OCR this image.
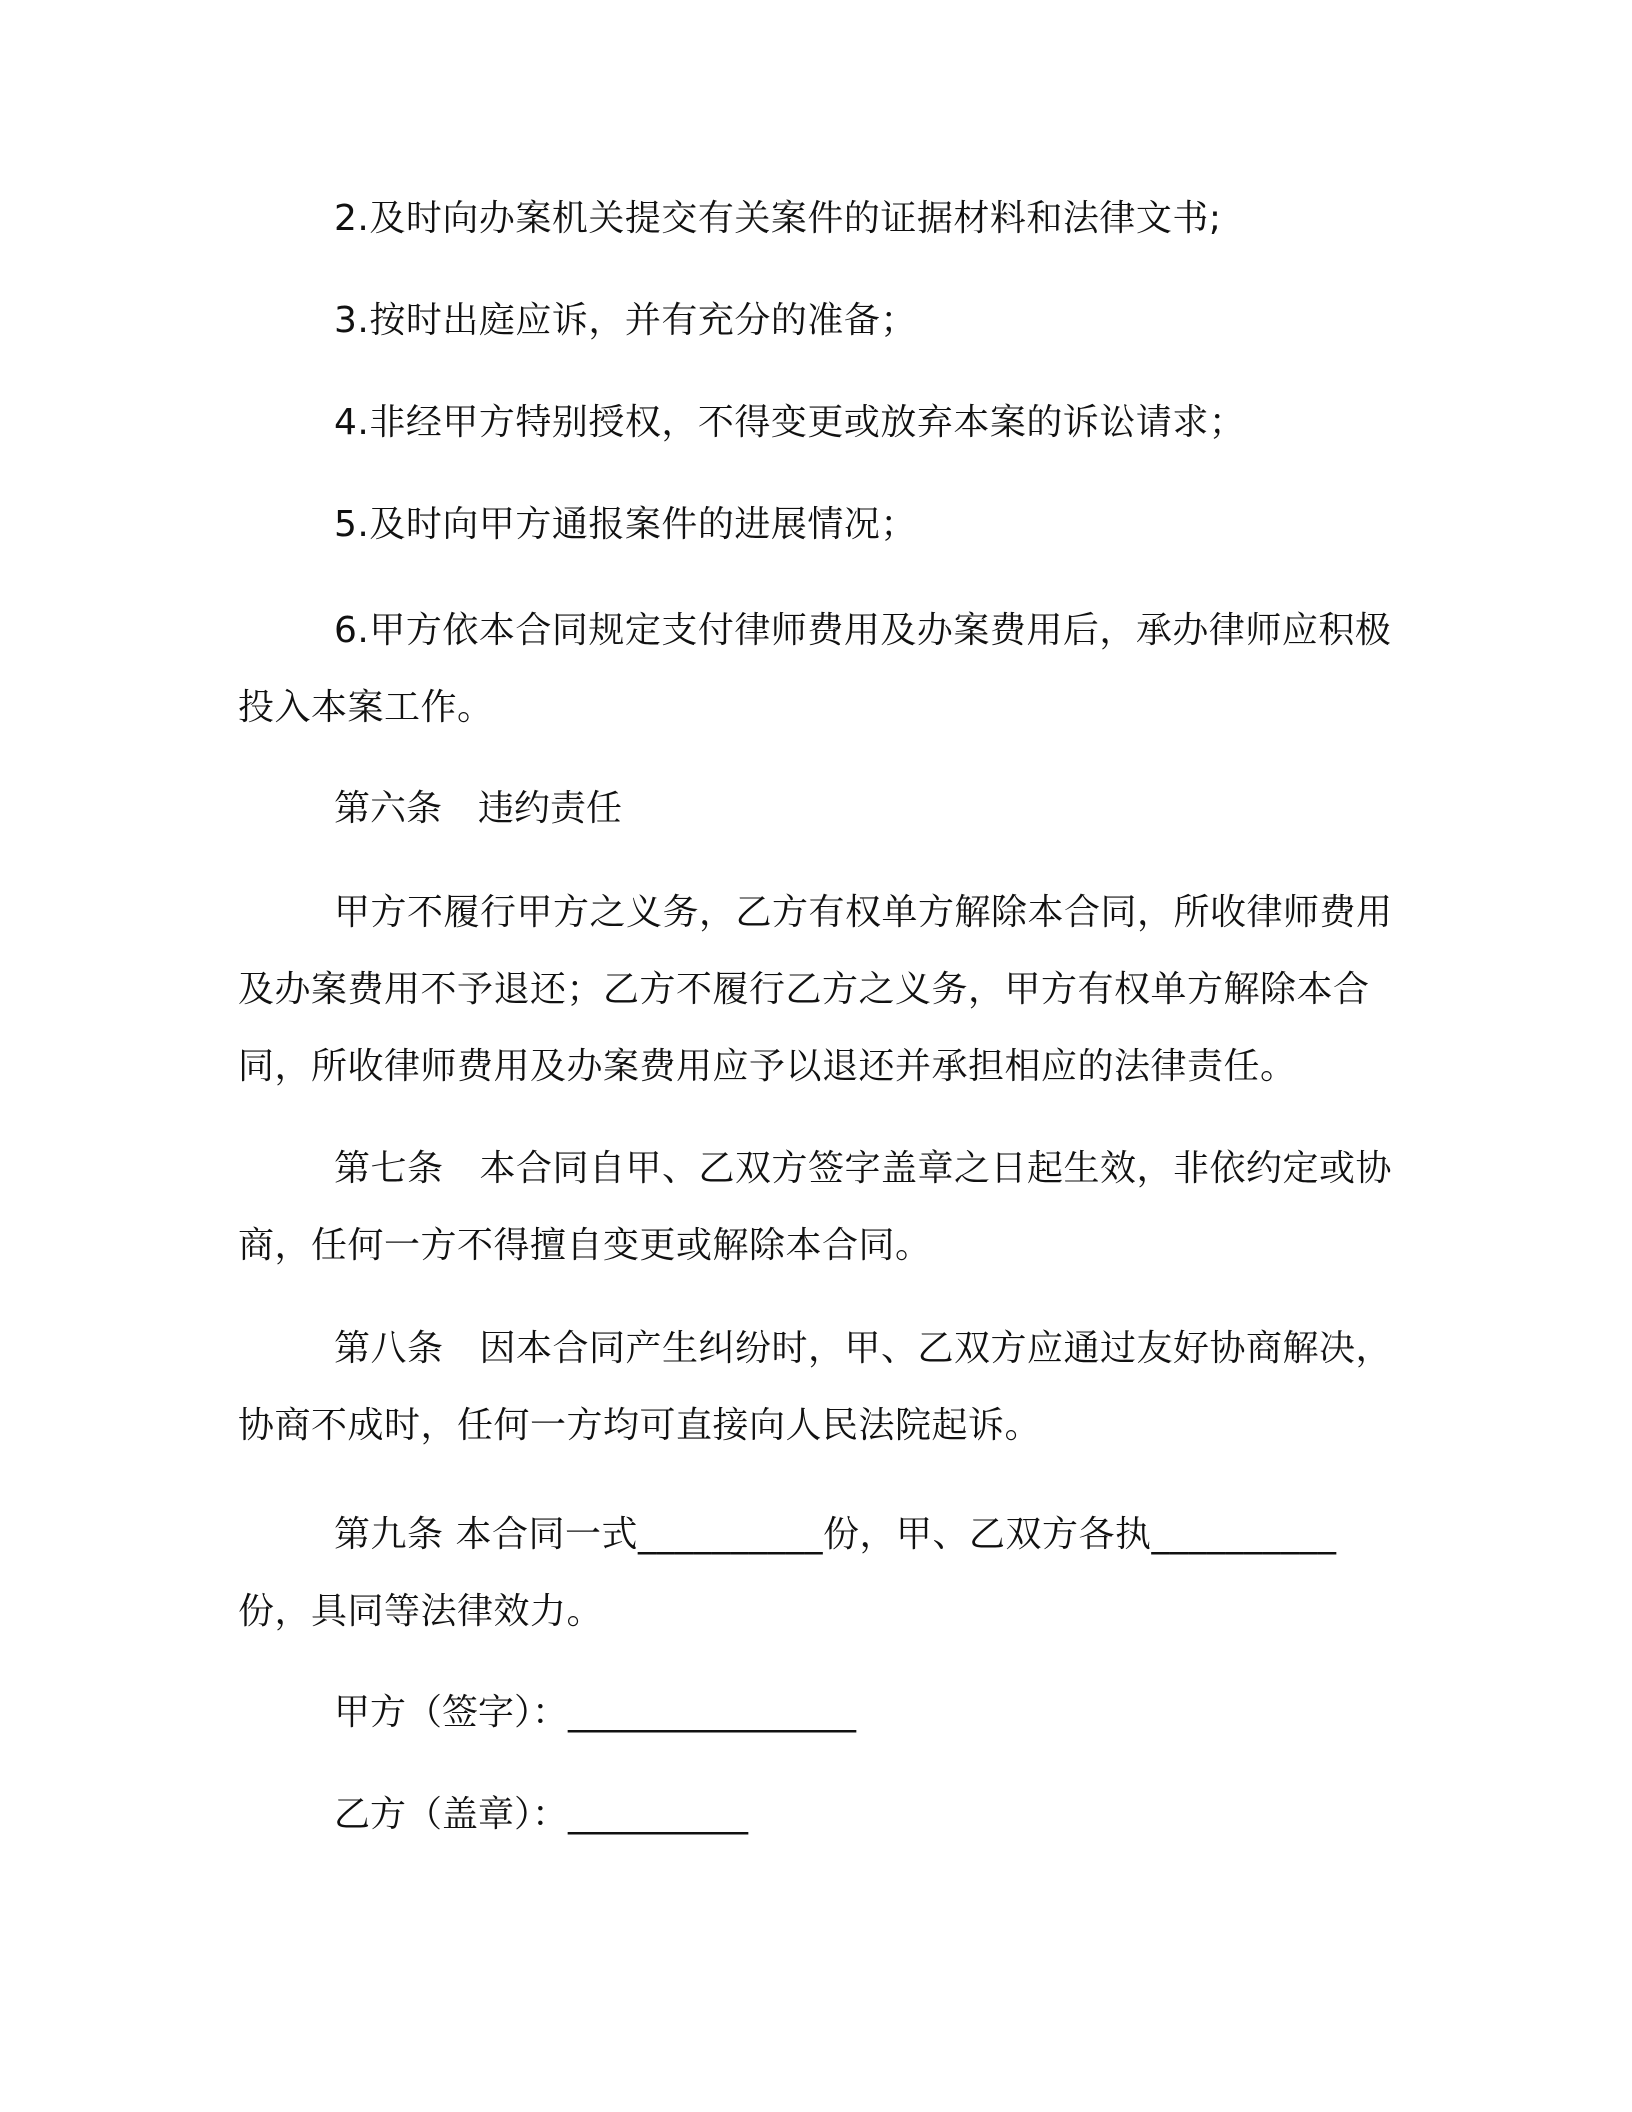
2.及时向办案机关提交有关案件的证据材料和法律文书;

3.按时出庭应诉，并有充分的准备；

4.非经甲方特别授权，不得变更或放弃本案的诉讼请求；

5.及时向甲方通报案件的进展情况；

6.甲方依本合同规定支付律师费用及办案费用后，承办律师应积极投入本案工作。

第六条 违约责任

甲方不履行甲方之义务，乙方有权单方解除本合同，所收律师费用及办案费用不予退还；乙方不履行乙方之义务，甲方有权单方解除本合同，所收律师费用及办案费用应予以退还并承担相应的法律责任。

第七条 本合同自甲、乙双方签字盖章之日起生效，非依约定或协商，任何一方不得擅自变更或解除本合同。

第八条 因本合同产生纠纷时，甲、乙双方应通过友好协商解决，协商不成时，任何一方均可直接向人民法院起诉。

第九条 本合同一式__________份，甲、乙双方各执__________份，具同等法律效力。

甲方（签字）：________________

乙方（盖章）：__________
